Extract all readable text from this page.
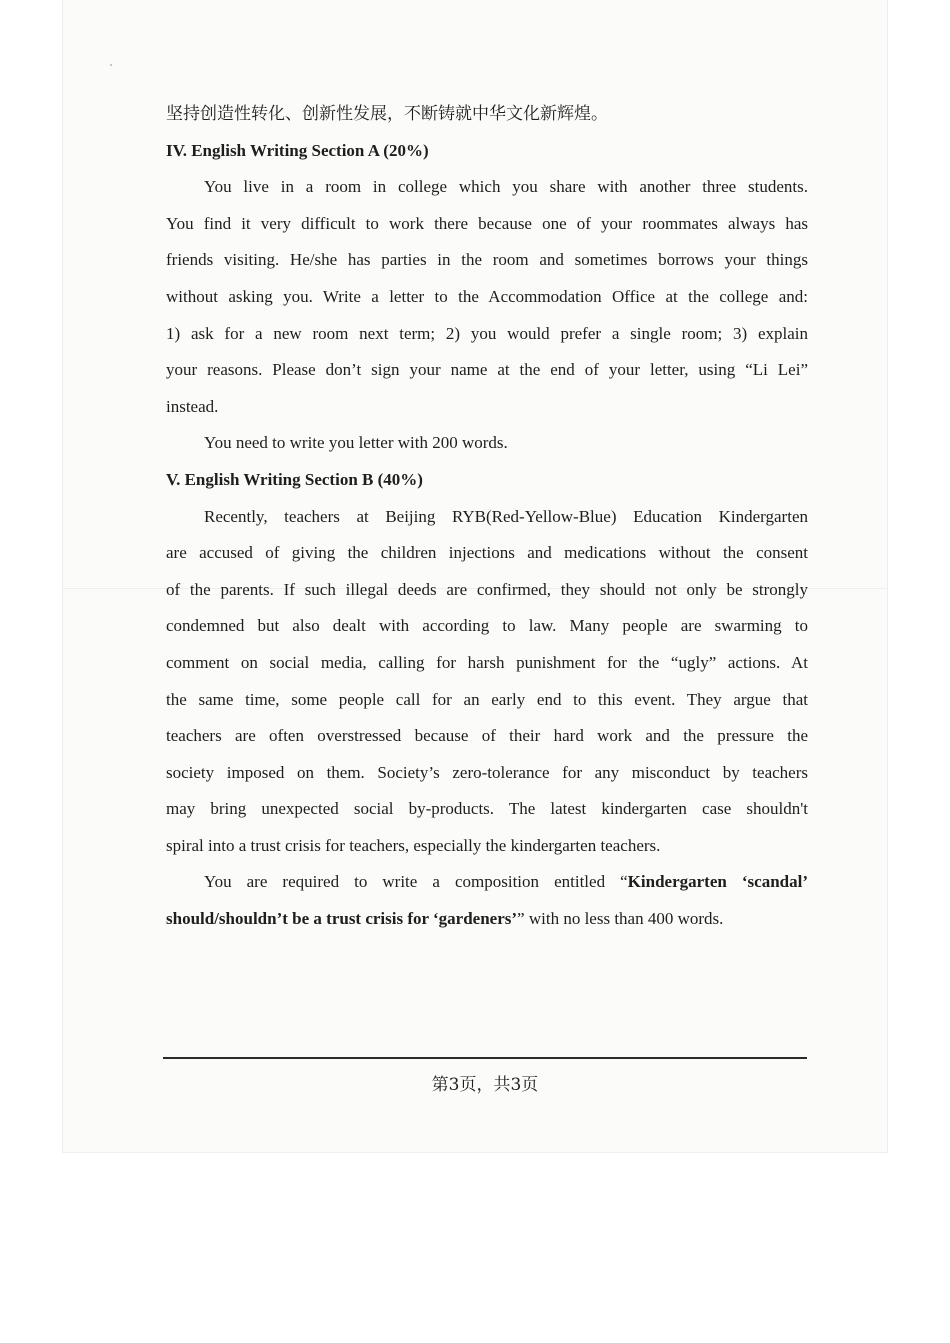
坚持创造性转化、创新性发展，不断铸就中华文化新辉煌。

IV. English Writing Section A (20%)

You live in a room in college which you share with another three students.

You find it very difficult to work there because one of your roommates always has

friends visiting. He/she has parties in the room and sometimes borrows your things

without asking you. Write a letter to the Accommodation Office at the college and:

1) ask for a new room next term; 2) you would prefer a single room; 3) explain

your reasons. Please don’t sign your name at the end of your letter, using “Li Lei”

instead.

You need to write you letter with 200 words.

V. English Writing Section B (40%)

Recently, teachers at Beijing RYB(Red-Yellow-Blue) Education Kindergarten

are accused of giving the children injections and medications without the consent

of the parents. If such illegal deeds are confirmed, they should not only be strongly

condemned but also dealt with according to law. Many people are swarming to

comment on social media, calling for harsh punishment for the “ugly” actions. At

the same time, some people call for an early end to this event. They argue that

teachers are often overstressed because of their hard work and the pressure the

society imposed on them. Society’s zero-tolerance for any misconduct by teachers

may bring unexpected social by-products. The latest kindergarten case shouldn't

spiral into a trust crisis for teachers, especially the kindergarten teachers.

You are required to write a composition entitled “Kindergarten ‘scandal’

should/shouldn’t be a trust crisis for ‘gardeners’” with no less than 400 words.

第3页，共3页
